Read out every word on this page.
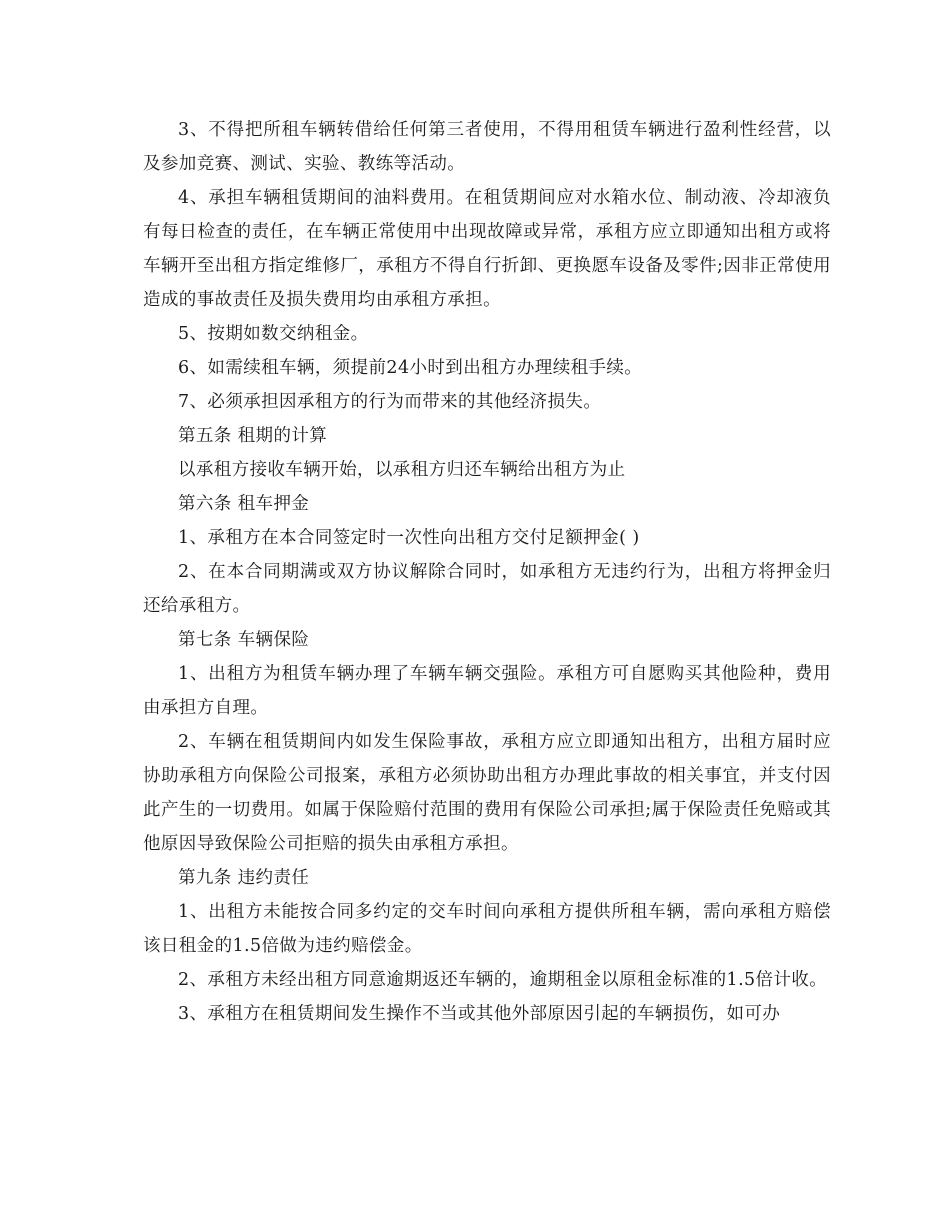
3、不得把所租车辆转借给任何第三者使用，不得用租赁车辆进行盈利性经营，以及参加竞赛、测试、实验、教练等活动。

4、承担车辆租赁期间的油料费用。在租赁期间应对水箱水位、制动液、冷却液负有每日检查的责任，在车辆正常使用中出现故障或异常，承租方应立即通知出租方或将车辆开至出租方指定维修厂，承租方不得自行折卸、更换愿车设备及零件;因非正常使用造成的事故责任及损失费用均由承租方承担。

5、按期如数交纳租金。

6、如需续租车辆，须提前24小时到出租方办理续租手续。

7、必须承担因承租方的行为而带来的其他经济损失。

第五条 租期的计算

以承租方接收车辆开始，以承租方归还车辆给出租方为止

第六条 租车押金

1、承租方在本合同签定时一次性向出租方交付足额押金( )

2、在本合同期满或双方协议解除合同时，如承租方无违约行为，出租方将押金归还给承租方。

第七条 车辆保险

1、出租方为租赁车辆办理了车辆车辆交强险。承租方可自愿购买其他险种，费用由承担方自理。

2、车辆在租赁期间内如发生保险事故，承租方应立即通知出租方，出租方届时应协助承租方向保险公司报案，承租方必须协助出租方办理此事故的相关事宜，并支付因此产生的一切费用。如属于保险赔付范围的费用有保险公司承担;属于保险责任免赔或其他原因导致保险公司拒赔的损失由承租方承担。

第九条 违约责任

1、出租方未能按合同多约定的交车时间向承租方提供所租车辆，需向承租方赔偿该日租金的1.5倍做为违约赔偿金。

2、承租方未经出租方同意逾期返还车辆的，逾期租金以原租金标准的1.5倍计收。

3、承租方在租赁期间发生操作不当或其他外部原因引起的车辆损伤，如可办
